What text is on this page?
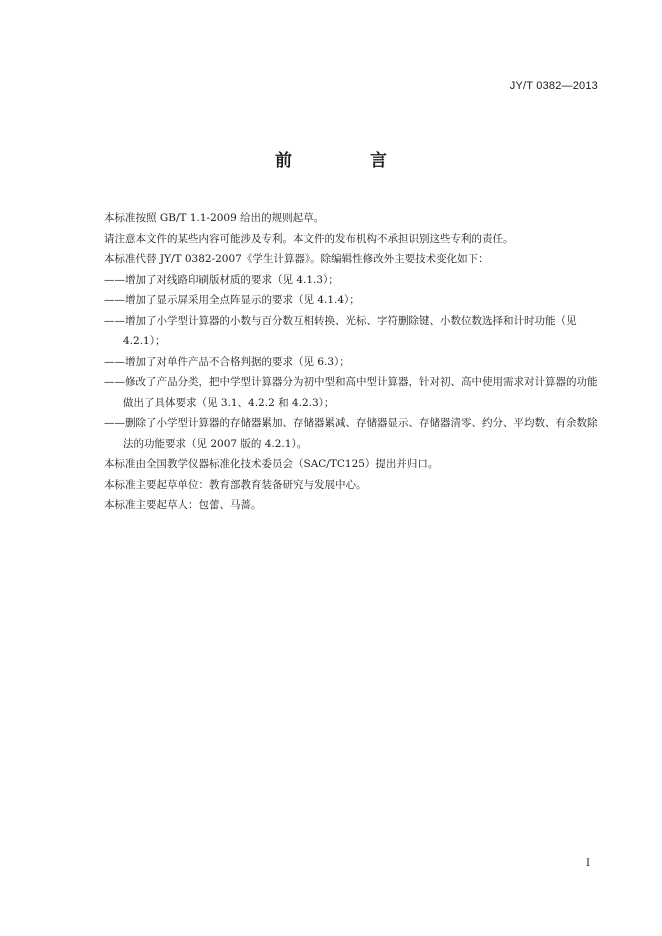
JY/T 0382—2013
前 言

本标准按照 GB/T 1.1-2009 给出的规则起草。

请注意本文件的某些内容可能涉及专利。本文件的发布机构不承担识别这些专利的责任。

本标准代替 JY/T 0382-2007《学生计算器》。除编辑性修改外主要技术变化如下：

——增加了对线路印刷版材质的要求（见 4.1.3）；

——增加了显示屏采用全点阵显示的要求（见 4.1.4）；

——增加了小学型计算器的小数与百分数互相转换、光标、字符删除键、小数位数选择和计时功能（见 4.2.1）；

——增加了对单件产品不合格判据的要求（见 6.3）；

——修改了产品分类，把中学型计算器分为初中型和高中型计算器，针对初、高中使用需求对计算器的功能做出了具体要求（见 3.1、4.2.2 和 4.2.3）；

——删除了小学型计算器的存储器累加、存储器累减、存储器显示、存储器清零、约分、平均数、有余数除法的功能要求（见 2007 版的 4.2.1）。

本标准由全国教学仪器标准化技术委员会（SAC/TC125）提出并归口。

本标准主要起草单位：教育部教育装备研究与发展中心。

本标准主要起草人：包蕾、马蔷。

I
